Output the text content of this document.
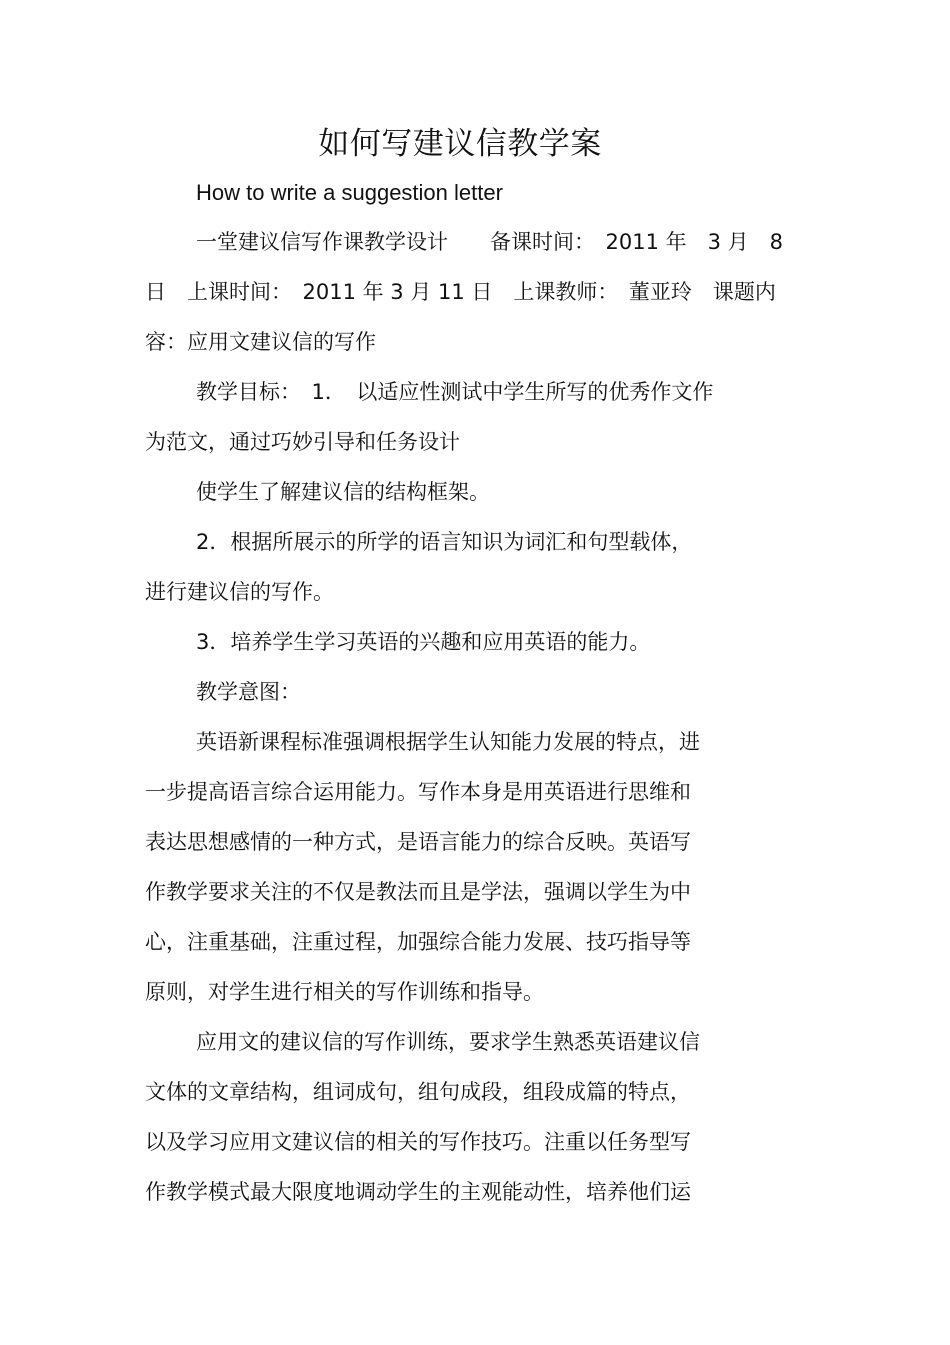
如何写建议信教学案
How to write a suggestion letter
一堂建议信写作课教学设计　　备课时间：　2011 年　3 月　8
日　上课时间：　2011 年 3 月 11 日　上课教师：　董亚玲　课题内
容：应用文建议信的写作
教学目标：　1．　以适应性测试中学生所写的优秀作文作
为范文，通过巧妙引导和任务设计
使学生了解建议信的结构框架。
2．根据所展示的所学的语言知识为词汇和句型载体，
进行建议信的写作。
3．培养学生学习英语的兴趣和应用英语的能力。
教学意图：
英语新课程标准强调根据学生认知能力发展的特点，进
一步提高语言综合运用能力。写作本身是用英语进行思维和
表达思想感情的一种方式，是语言能力的综合反映。英语写
作教学要求关注的不仅是教法而且是学法，强调以学生为中
心，注重基础，注重过程，加强综合能力发展、技巧指导等
原则，对学生进行相关的写作训练和指导。
应用文的建议信的写作训练，要求学生熟悉英语建议信
文体的文章结构，组词成句，组句成段，组段成篇的特点，
以及学习应用文建议信的相关的写作技巧。注重以任务型写
作教学模式最大限度地调动学生的主观能动性，培养他们运
